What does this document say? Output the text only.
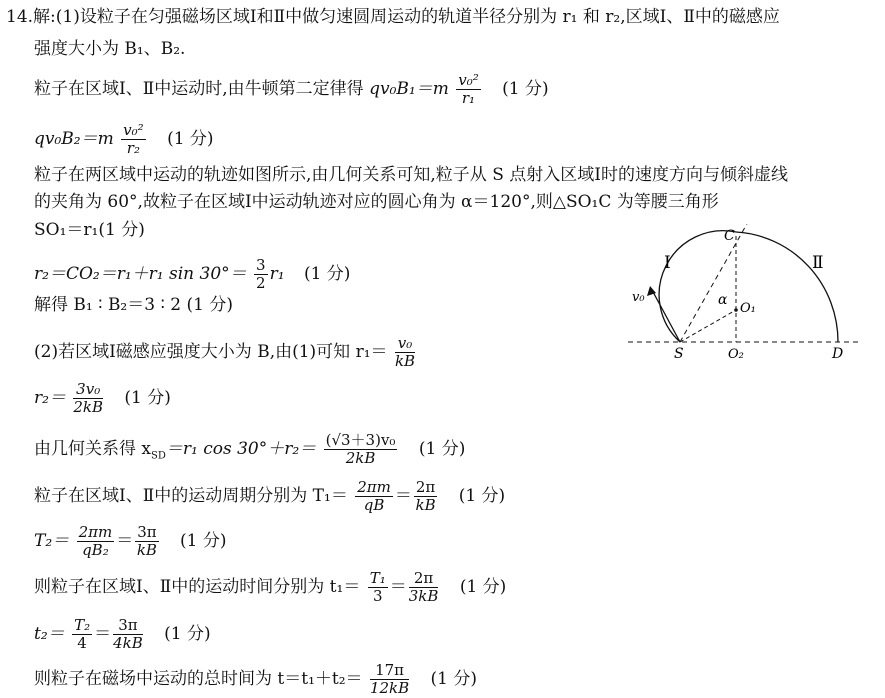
14.解:(1)设粒子在匀强磁场区域Ⅰ和Ⅱ中做匀速圆周运动的轨道半径分别为 r₁ 和 r₂,区域Ⅰ、Ⅱ中的磁感应
强度大小为 B₁、B₂.
粒子在区域Ⅰ、Ⅱ中运动时,由牛顿第二定律得 $qv_0B_1=m \frac{\text{v₀²}}{\text{r₁}} (1$ 分)
$qv_0B_2=m \frac{\text{v₀²}}{\text{r₂}} (1$ 分)
粒子在两区域中运动的轨迹如图所示,由几何关系可知,粒子从 S 点射入区域Ⅰ时的速度方向与倾斜虚线
的夹角为 60°,故粒子在区域Ⅰ中运动轨迹对应的圆心角为 α＝120°,则△SO₁C 为等腰三角形
SO₁＝r₁(1 分)
r₂＝CO₂＝r₁＋r₁ $\sin 30^\circ= \frac{3}{2} r_1$ (1 分)
解得 B₁ ∶ B₂＝3 ∶ 2 (1 分)
(2)若区域Ⅰ磁感应强度大小为 B,由(1)可知 $r_1= \frac{\text{v₀}}{kB}$
$r_2= \frac{\text{3v₀}}{2kB} (1$ 分)
由几何关系得 $x_{SD}=r_1$ $\cos 30^\circ+r_2= \frac{\text{(√3＋3)v₀}}{2kB} (1$ 分)
粒子在区域Ⅰ、Ⅱ中的运动周期分别为 $T_1= \frac{2\pi m}{qB} = \frac{2\pi}{kB} (1$ 分)
$T_2= \frac{2\pi m}{\text{qB₂}} = \frac{3\pi}{kB} (1$ 分)
则粒子在区域Ⅰ、Ⅱ中的运动时间分别为 $t_1= \frac{\text{T₁}}{3} = \frac{2\pi}{3kB} (1$ 分)
$t_2= \frac{\text{T₂}}{4} = \frac{3\pi}{4kB} (1$ 分)
则粒子在磁场中运动的总时间为 $t=t_1+t_2= \frac{17\pi}{12kB} (1$ 分)
Ⅰ	Ⅱ
C
S	D
O₁
O₂
v₀	α
